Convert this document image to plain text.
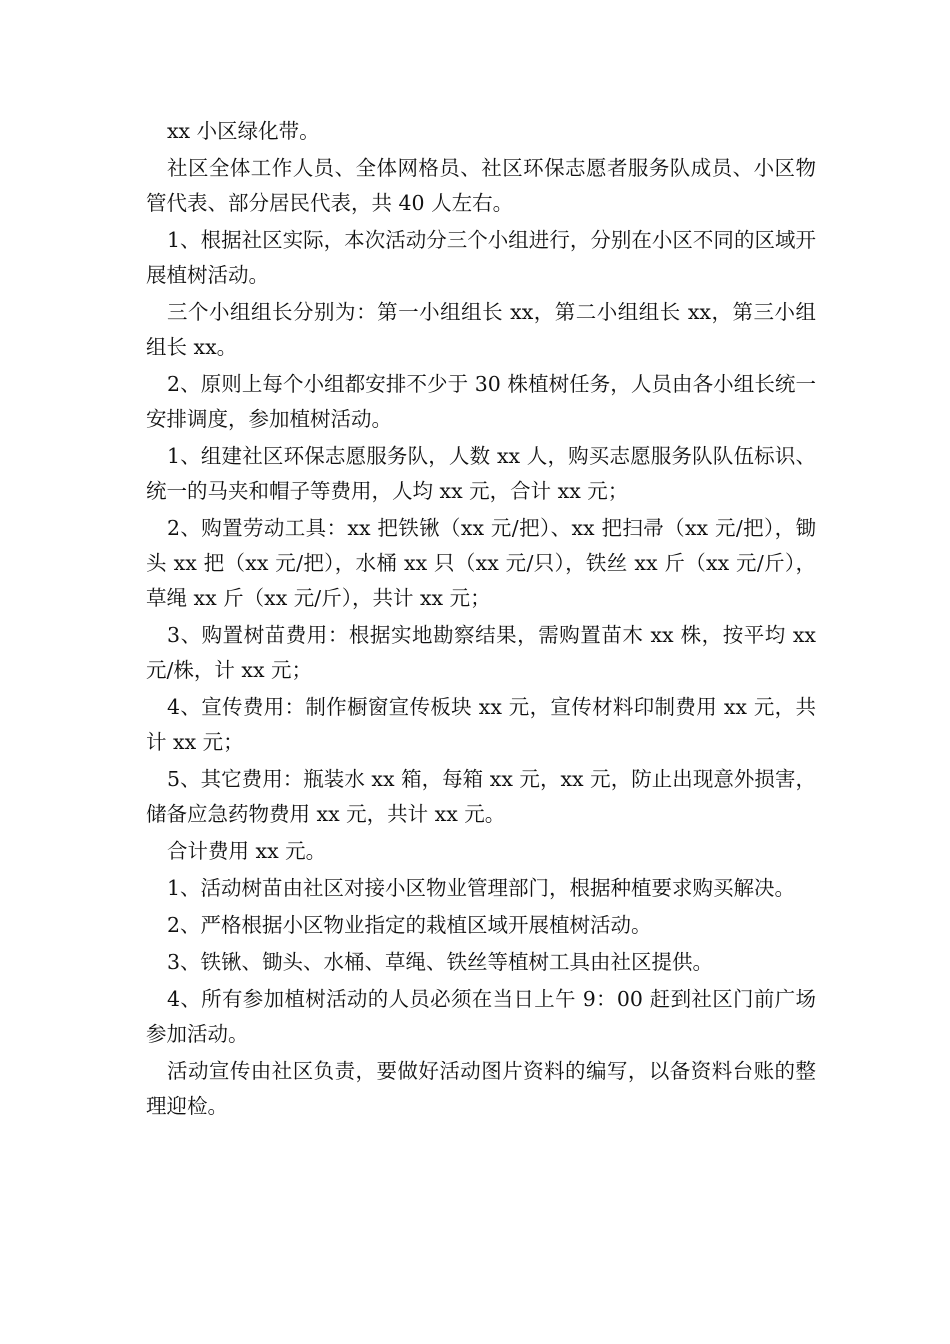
xx 小区绿化带。

社区全体工作人员、全体网格员、社区环保志愿者服务队成员、小区物管代表、部分居民代表，共 40 人左右。

1、根据社区实际，本次活动分三个小组进行，分别在小区不同的区域开展植树活动。

三个小组组长分别为：第一小组组长 xx，第二小组组长 xx，第三小组组长 xx。

2、原则上每个小组都安排不少于 30 株植树任务，人员由各小组长统一安排调度，参加植树活动。

1、组建社区环保志愿服务队，人数 xx 人，购买志愿服务队队伍标识、统一的马夹和帽子等费用，人均 xx 元，合计 xx 元；

2、购置劳动工具：xx 把铁锹（xx 元/把）、xx 把扫帚（xx 元/把），锄头 xx 把（xx 元/把），水桶 xx 只（xx 元/只），铁丝 xx 斤（xx 元/斤），草绳 xx 斤（xx 元/斤），共计 xx 元；

3、购置树苗费用：根据实地勘察结果，需购置苗木 xx 株，按平均 xx 元/株，计 xx 元；

4、宣传费用：制作橱窗宣传板块 xx 元，宣传材料印制费用 xx 元，共计 xx 元；

5、其它费用：瓶装水 xx 箱，每箱 xx 元，xx 元，防止出现意外损害，储备应急药物费用 xx 元，共计 xx 元。

合计费用 xx 元。

1、活动树苗由社区对接小区物业管理部门，根据种植要求购买解决。

2、严格根据小区物业指定的栽植区域开展植树活动。

3、铁锹、锄头、水桶、草绳、铁丝等植树工具由社区提供。

4、所有参加植树活动的人员必须在当日上午 9：00 赶到社区门前广场参加活动。

活动宣传由社区负责，要做好活动图片资料的编写，以备资料台账的整理迎检。
